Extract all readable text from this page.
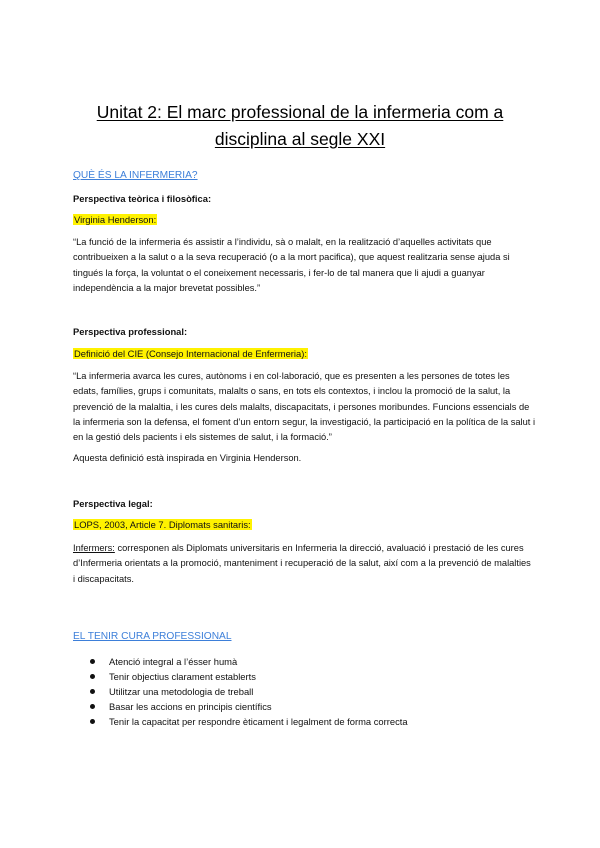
Unitat 2: El marc professional de la infermeria com a disciplina al segle XXI
QUÈ ÉS LA INFERMERIA?
Perspectiva teòrica i filosòfica:
Virginia Henderson:
“La funció de la infermeria és assistir a l’individu, sà o malalt, en la realització d’aquelles activitats que contribueixen a la salut o a la seva recuperació (o a la mort pacifica), que aquest realitzaria sense ajuda si tingués la força, la voluntat o el coneixement necessaris, i fer-lo de tal manera que li ajudi a guanyar independència a la major brevetat possibles.”
Perspectiva professional:
Definició del CIE (Consejo Internacional de Enfermeria):
“La infermeria avarca les cures, autònoms i en col·laboració, que es presenten a les persones de totes les edats, famílies, grups i comunitats, malalts o sans, en tots els contextos, i inclou la promoció de la salut, la prevenció de la malaltia, i les cures dels malalts, discapacitats, i persones moribundes. Funcions essencials de la infermeria son la defensa, el foment d’un entorn segur, la investigació, la participació en la política de la salut i en la gestió dels pacients i els sistemes de salut, i la formació.”
Aquesta definició està inspirada en Virginia Henderson.
Perspectiva legal:
LOPS, 2003, Article 7. Diplomats sanitaris:
Infermers: corresponen als Diplomats universitaris en Infermeria la direcció, avaluació i prestació de les cures d’Infermeria orientats a la promoció, manteniment i recuperació de la salut, així com a la prevenció de malalties i discapacitats.
EL TENIR CURA PROFESSIONAL
Atenció integral a l’ésser humà
Tenir objectius clarament establerts
Utilitzar una metodologia de treball
Basar les accions en principis científics
Tenir la capacitat per respondre èticament i legalment de forma correcta
